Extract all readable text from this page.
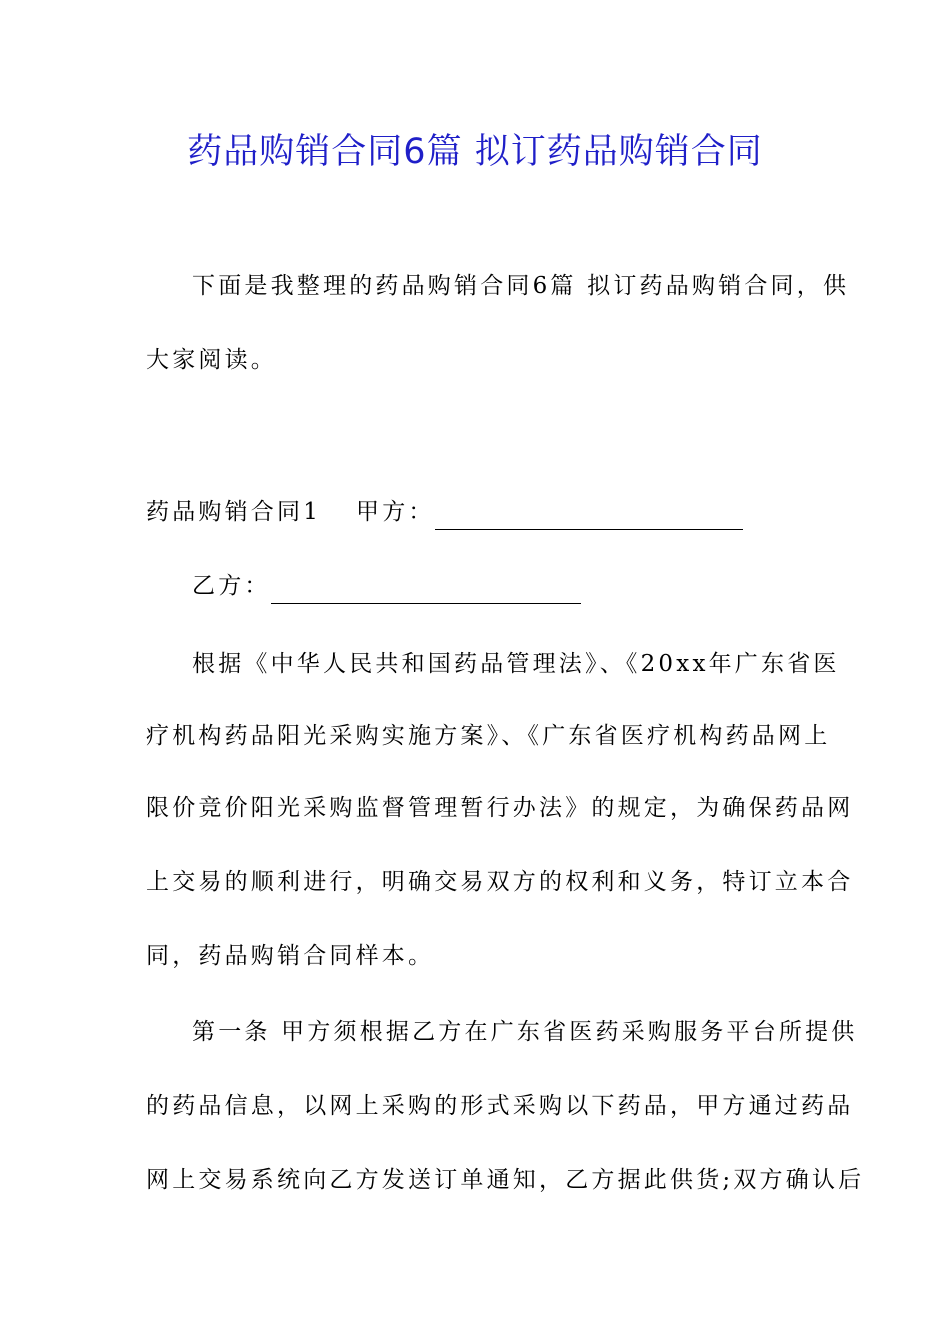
药品购销合同6篇 拟订药品购销合同
下面是我整理的药品购销合同6篇 拟订药品购销合同，供
大家阅读。
药品购销合同1 甲方：
乙方：
根据《中华人民共和国药品管理法》、《20xx年广东省医
疗机构药品阳光采购实施方案》、《广东省医疗机构药品网上
限价竞价阳光采购监督管理暂行办法》的规定，为确保药品网
上交易的顺利进行，明确交易双方的权利和义务，特订立本合
同，药品购销合同样本。
第一条 甲方须根据乙方在广东省医药采购服务平台所提供
的药品信息，以网上采购的形式采购以下药品，甲方通过药品
网上交易系统向乙方发送订单通知，乙方据此供货;双方确认后
